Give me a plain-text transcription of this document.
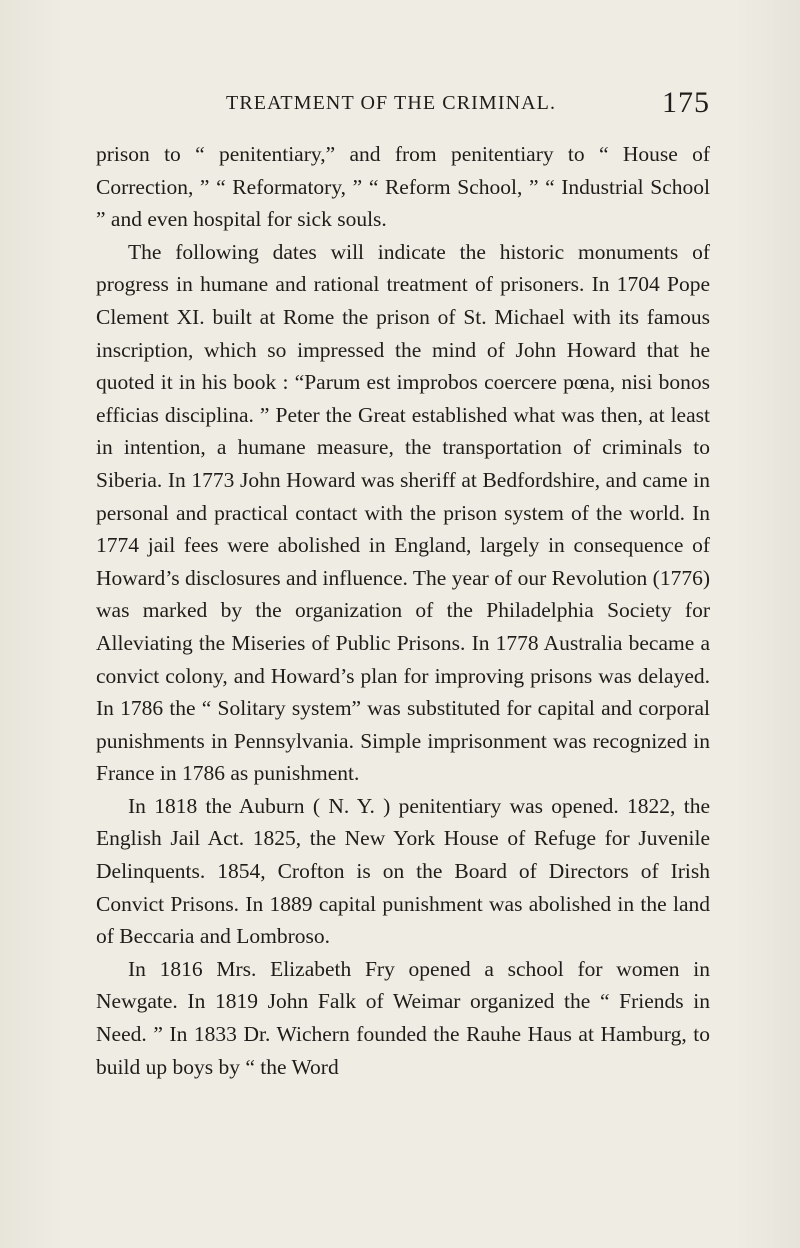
TREATMENT OF THE CRIMINAL.	175

prison to “ penitentiary,” and from penitentiary to “ House of Correction, ” “ Reformatory, ” “ Reform School, ” “ Industrial School ” and even hospital for sick souls.

The following dates will indicate the historic monuments of progress in humane and rational treatment of prisoners. In 1704 Pope Clement XI. built at Rome the prison of St. Michael with its famous inscription, which so impressed the mind of John Howard that he quoted it in his book : “Parum est improbos coercere pœna, nisi bonos efficias disciplina. ” Peter the Great established what was then, at least in intention, a humane measure, the transportation of criminals to Siberia. In 1773 John Howard was sheriff at Bedfordshire, and came in personal and practical contact with the prison system of the world. In 1774 jail fees were abolished in England, largely in consequence of Howard’s disclosures and influence. The year of our Revolution (1776) was marked by the organization of the Philadelphia Society for Alleviating the Miseries of Public Prisons. In 1778 Australia became a convict colony, and Howard’s plan for improving prisons was delayed. In 1786 the “ Solitary system” was substituted for capital and corporal punishments in Pennsylvania. Simple imprisonment was recognized in France in 1786 as punishment.

In 1818 the Auburn ( N. Y. ) penitentiary was opened. 1822, the English Jail Act. 1825, the New York House of Refuge for Juvenile Delinquents. 1854, Crofton is on the Board of Directors of Irish Convict Prisons. In 1889 capital punishment was abolished in the land of Beccaria and Lombroso.

In 1816 Mrs. Elizabeth Fry opened a school for women in Newgate. In 1819 John Falk of Weimar organized the “ Friends in Need. ” In 1833 Dr. Wichern founded the Rauhe Haus at Hamburg, to build up boys by “ the Word
